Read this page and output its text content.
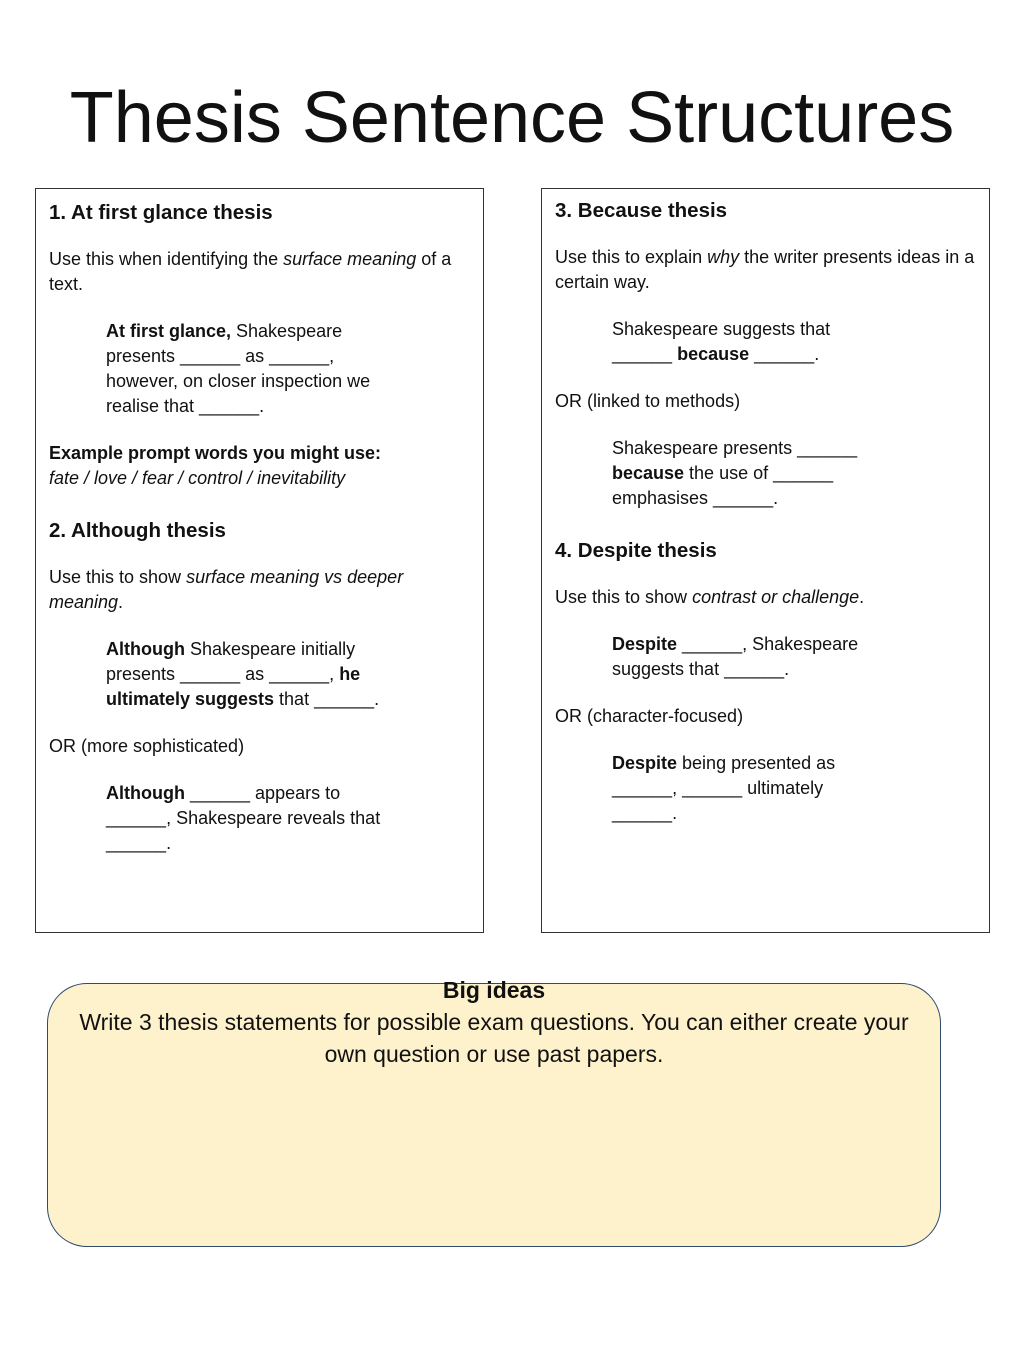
Thesis Sentence Structures
1. At first glance thesis
Use this when identifying the surface meaning of a text.
At first glance, Shakespeare presents ______ as ______, however, on closer inspection we realise that ______.
Example prompt words you might use:
fate / love / fear / control / inevitability
2. Although thesis
Use this to show surface meaning vs deeper meaning.
Although Shakespeare initially presents ______ as ______, he ultimately suggests that ______.
OR (more sophisticated)
Although ______ appears to ______, Shakespeare reveals that ______.
3. Because thesis
Use this to explain why the writer presents ideas in a certain way.
Shakespeare suggests that ______ because ______.
OR (linked to methods)
Shakespeare presents ______ because the use of ______ emphasises ______.
4. Despite thesis
Use this to show contrast or challenge.
Despite ______, Shakespeare suggests that ______.
OR (character-focused)
Despite being presented as ______, ______ ultimately ______.
Big ideas
Write 3 thesis statements for possible exam questions. You can either create your own question or use past papers.
